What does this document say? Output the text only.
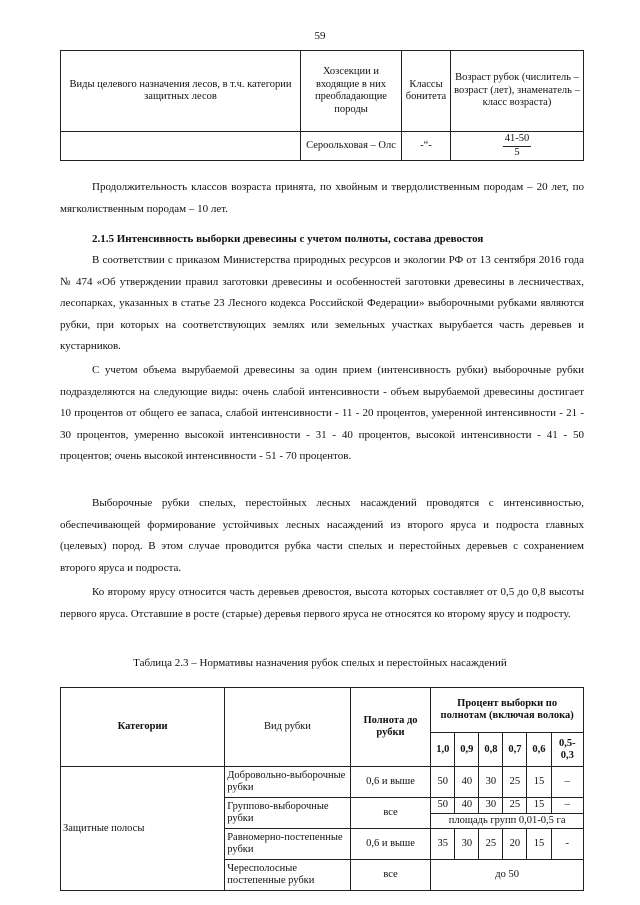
59
Виды целевого назначения лесов, в т.ч. категории защитных лесов	Хозсекции и входящие в них преобладающие породы	Классы бонитета	Возраст рубок (числитель – возраст (лет), знаменатель – класс возраста)
	Сероольховая – Олс	-“-	$\frac{41-50}{5}$

Продолжительность классов возраста принята, по хвойным и твердолиственным породам – 20 лет, по мягколиственным породам – 10 лет.

2.1.5 Интенсивность выборки древесины с учетом полноты, состава древостоя

В соответствии с приказом Министерства природных ресурсов и экологии РФ от 13 сентября 2016 года № 474 «Об утверждении правил заготовки древесины и особенностей заготовки древесины в лесничествах, лесопарках, указанных в статье 23 Лесного кодекса Российской Федерации» выборочными рубками являются рубки, при которых на соответствующих землях или земельных участках вырубается часть деревьев и кустарников.

С учетом объема вырубаемой древесины за один прием (интенсивность рубки) выборочные рубки подразделяются на следующие виды: очень слабой интенсивности - объем вырубаемой древесины достигает 10 процентов от общего ее запаса, слабой интенсивности - 11 - 20 процентов, умеренной интенсивности - 21 - 30 процентов, умеренно высокой интенсивности - 31 - 40 процентов, высокой интенсивности - 41 - 50 процентов; очень высокой интенсивности - 51 - 70 процентов.

Выборочные рубки спелых, перестойных лесных насаждений проводятся с интенсивностью, обеспечивающей формирование устойчивых лесных насаждений из второго яруса и подроста главных (целевых) пород. В этом случае проводится рубка части спелых и перестойных деревьев с сохранением второго яруса и подроста.

Ко второму ярусу относится часть деревьев древостоя, высота которых составляет от 0,5 до 0,8 высоты первого яруса. Отставшие в росте (старые) деревья первого яруса не относятся ко второму ярусу и подросту.

Таблица 2.3 – Нормативы назначения рубок спелых и перестойных насаждений

Категории	Вид рубки	Полнота до рубки	Процент выборки по полнотам (включая волока)					
			1,0	0,9	0,8	0,7	0,6	0,5-0,3
Защитные полосы	Добровольно-выборочные рубки	0,6 и выше	50	40	30	25	15	–
	Группово-выборочные рубки	все	50	40	30	25	15	–
			площадь групп 0,01-0,5 га					
	Равномерно-постепенные рубки	0,6 и выше	35	30	25	20	15	-
	Чересполосные постепенные рубки	все	до 50					
